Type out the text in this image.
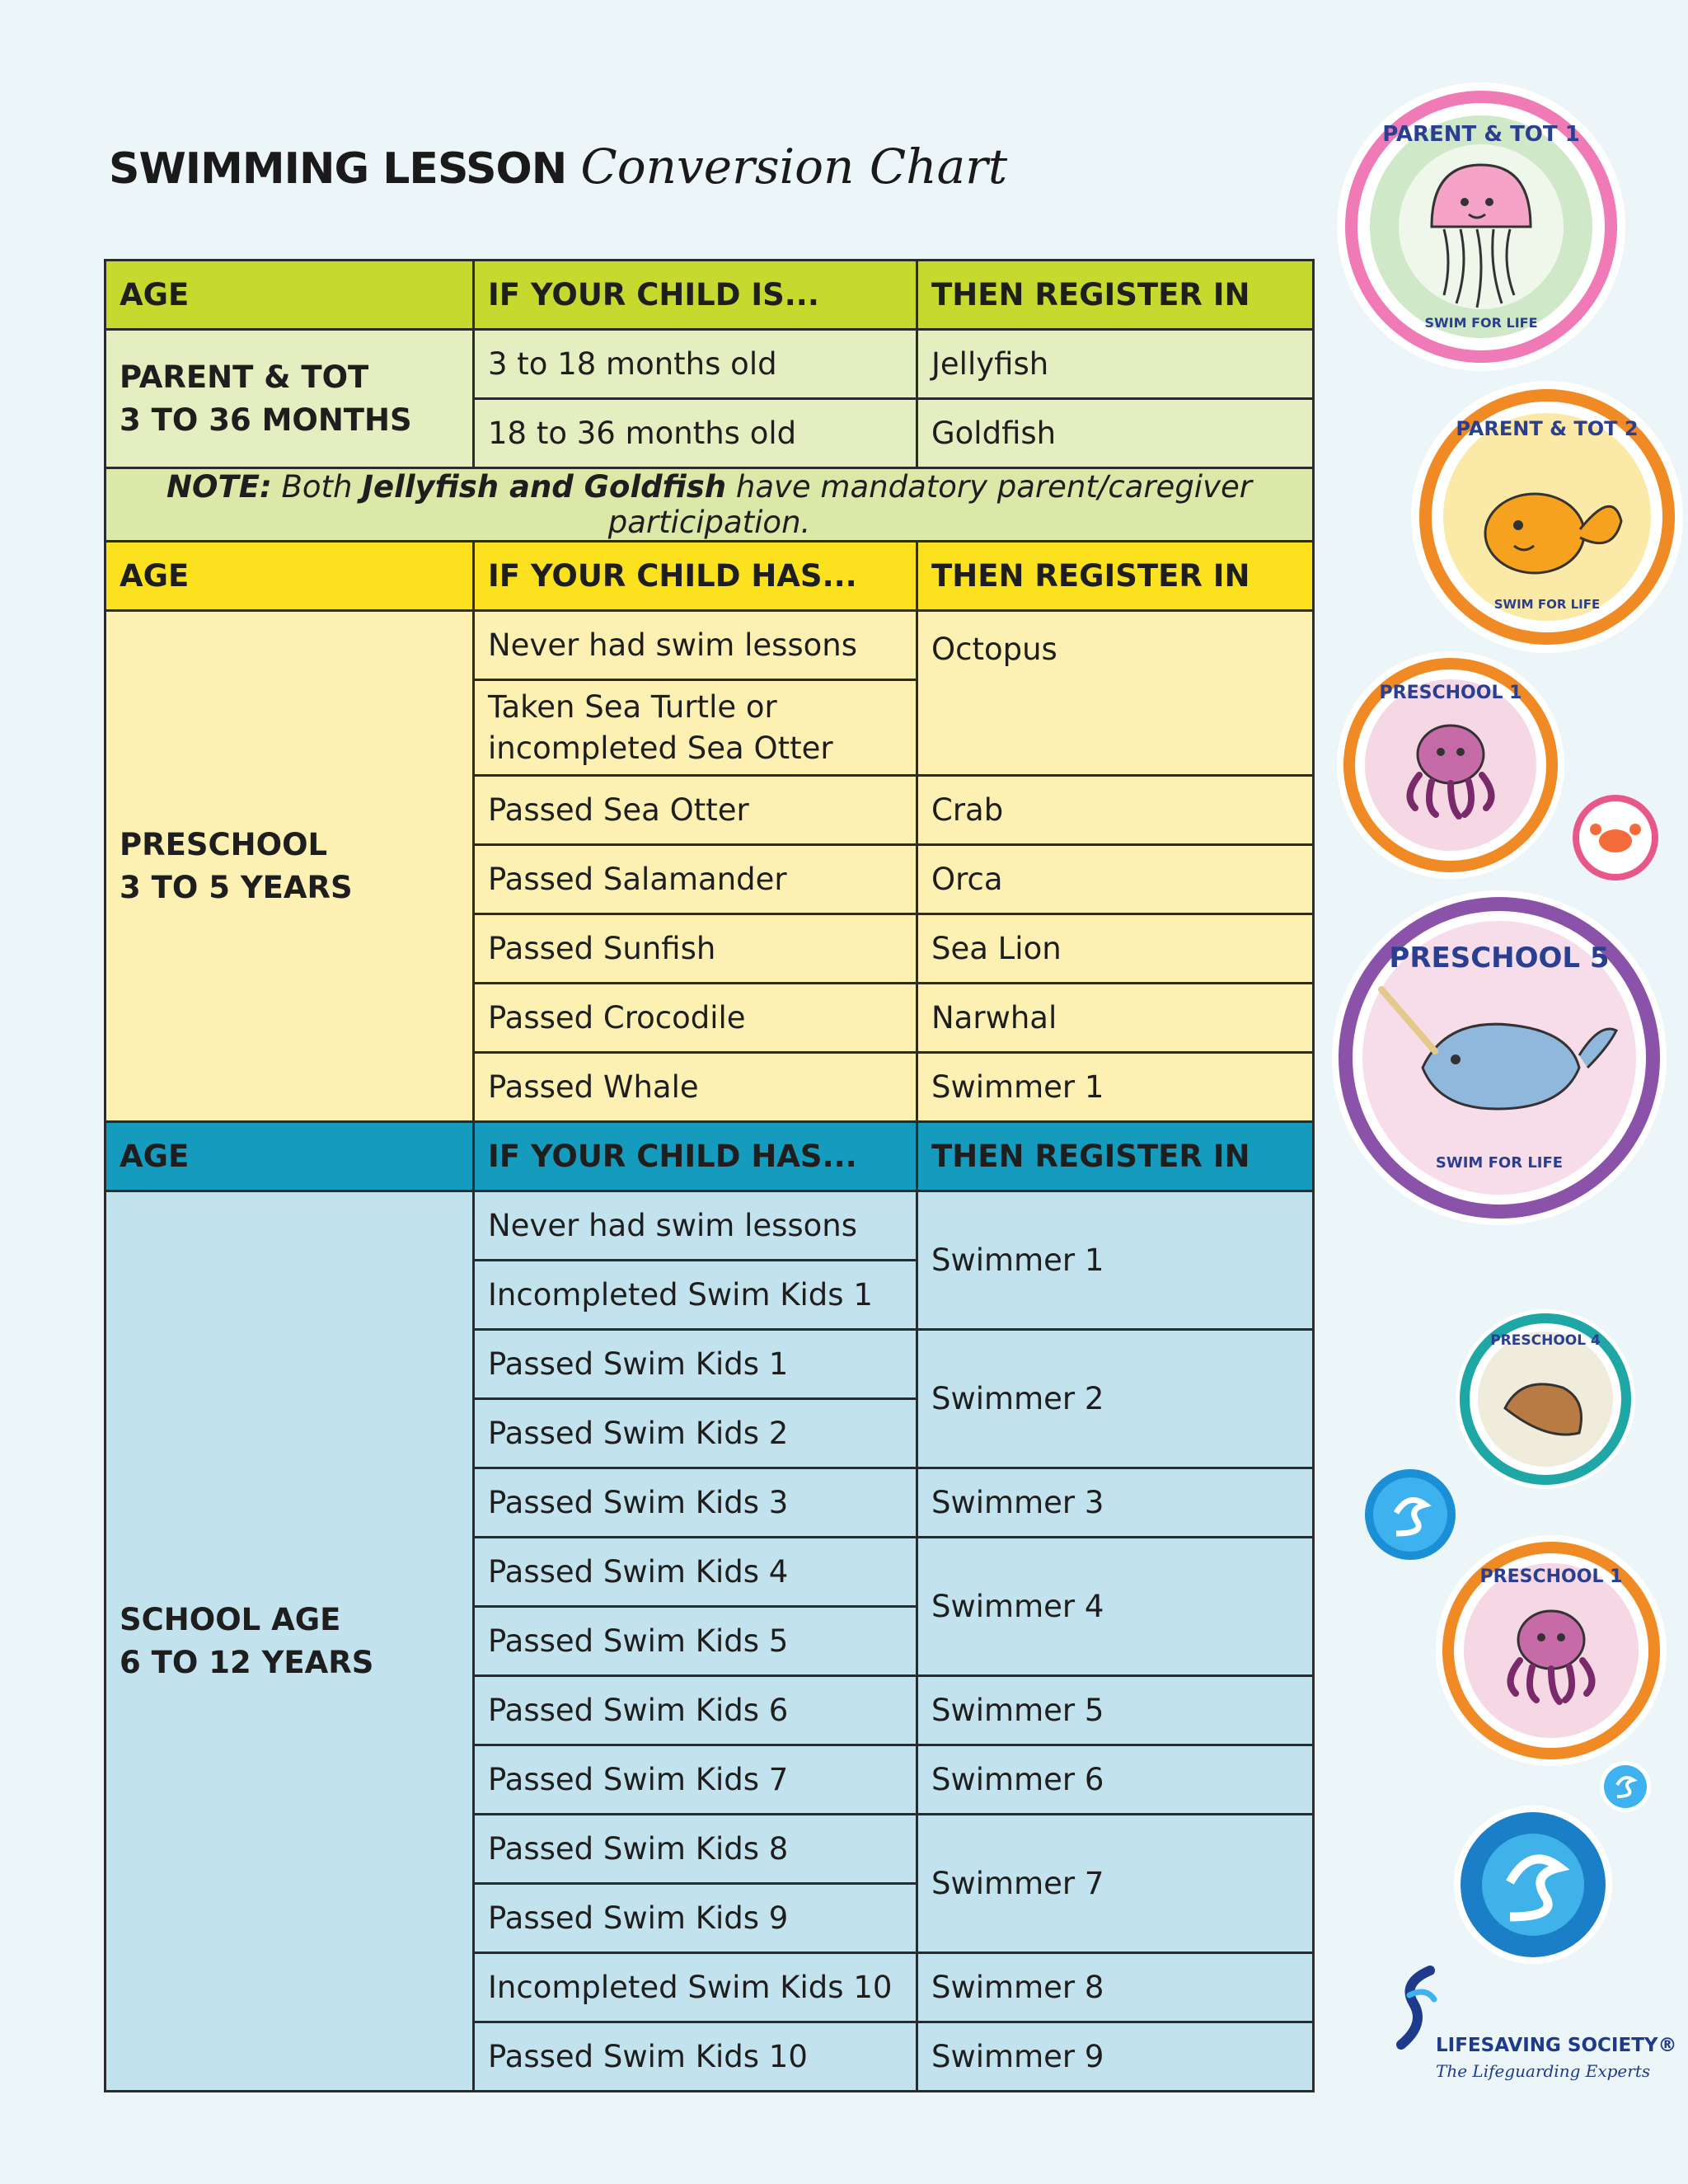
SWIMMING LESSON Conversion Chart
AGE	IF YOUR CHILD IS...	THEN REGISTER IN
PARENT & TOT
3 TO 36 MONTHS	3 to 18 months old	Jellyfish
	18 to 36 months old	Goldfish
NOTE: Both Jellyfish and Goldfish have mandatory parent/caregiver participation.		
AGE	IF YOUR CHILD HAS...	THEN REGISTER IN
PRESCHOOL
3 TO 5 YEARS	Never had swim lessons	Octopus
	Taken Sea Turtle or
incompleted Sea Otter	
	Passed Sea Otter	Crab
	Passed Salamander	Orca
	Passed Sunfish	Sea Lion
	Passed Crocodile	Narwhal
	Passed Whale	Swimmer 1
AGE	IF YOUR CHILD HAS...	THEN REGISTER IN
SCHOOL AGE
6 TO 12 YEARS	Never had swim lessons	Swimmer 1
	Incompleted Swim Kids 1	
	Passed Swim Kids 1	Swimmer 2
	Passed Swim Kids 2	
	Passed Swim Kids 3	Swimmer 3
	Passed Swim Kids 4	Swimmer 4
	Passed Swim Kids 5	
	Passed Swim Kids 6	Swimmer 5
	Passed Swim Kids 7	Swimmer 6
	Passed Swim Kids 8	Swimmer 7
	Passed Swim Kids 9	
	Incompleted Swim Kids 10	Swimmer 8
	Passed Swim Kids 10	Swimmer 9
PARENT & TOT 1
SWIM FOR LIFE
PARENT & TOT 2
SWIM FOR LIFE
PRESCHOOL 1
PRESCHOOL 5
SWIM FOR LIFE
PRESCHOOL 4
PRESCHOOL 1
LIFESAVING SOCIETY®
The Lifeguarding Experts
